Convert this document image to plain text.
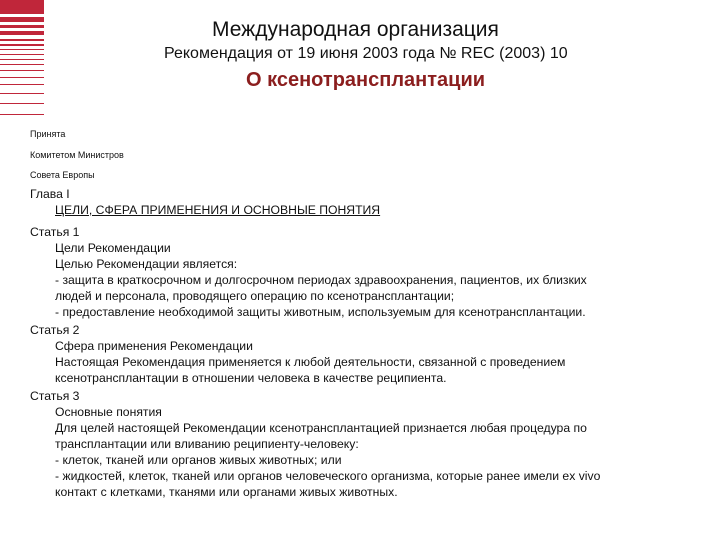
Международная организация
Рекомендация от 19 июня 2003 года № REC (2003) 10
О ксенотрансплантации
Принята
Комитетом Министров
Совета Европы
Глава I
ЦЕЛИ, СФЕРА ПРИМЕНЕНИЯ И ОСНОВНЫЕ ПОНЯТИЯ
Статья 1
Цели Рекомендации
Целью Рекомендации является:
- защита в краткосрочном и долгосрочном периодах здравоохранения, пациентов, их близких
людей и персонала, проводящего операцию по ксенотрансплантации;
- предоставление необходимой защиты животным, используемым для ксенотрансплантации.
Статья 2
Сфера применения Рекомендации
Настоящая Рекомендация применяется к любой деятельности, связанной с проведением
ксенотрансплантации в отношении человека в качестве реципиента.
Статья 3
Основные понятия
Для целей настоящей Рекомендации ксенотрансплантацией признается любая процедура по
трансплантации или вливанию реципиенту-человеку:
- клеток, тканей или органов живых животных; или
- жидкостей, клеток, тканей или органов человеческого организма, которые ранее имели ex vivo
контакт с клетками, тканями или органами живых животных.
